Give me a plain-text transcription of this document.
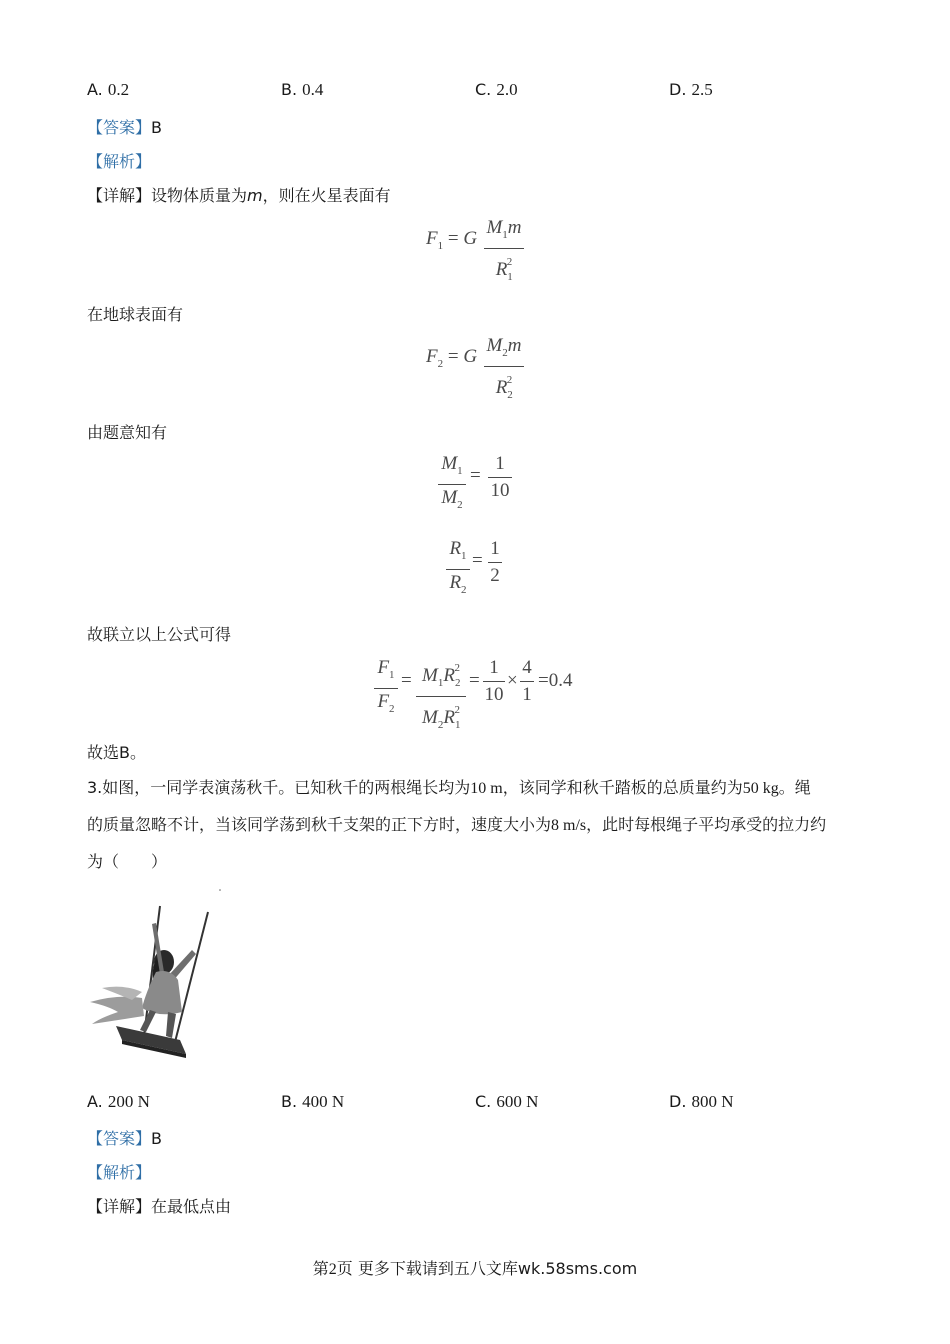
A. 0.2	B. 0.4	C. 2.0	D. 2.5
【答案】B
【解析】
【详解】设物体质量为m，则在火星表面有
$F_1 = G$
$M_1m$
$R_1^2$
在地球表面有
$F_2 = G$
$M_2m$
$R_2^2$
由题意知有
$M_1$
$M_2$
=
1
10
$R_1$
$R_2$
=
1
2
故联立以上公式可得
$F_1$
$F_2$
= $M_1R_2^2$
$M_2R_1^2$
=
1
10
×
4
1
=0.4
故选B。
3.如图，一同学表演荡秋千。已知秋千的两根绳长均为10 m，该同学和秋千踏板的总质量约为50 kg。绳
的质量忽略不计，当该同学荡到秋千支架的正下方时，速度大小为8 m/s，此时每根绳子平均承受的拉力约
为（　　）
A. 200 N	B. 400 N	C. 600 N	D. 800 N
【答案】B
【解析】
【详解】在最低点由
第2页 更多下载请到五八文库wk.58sms.com
